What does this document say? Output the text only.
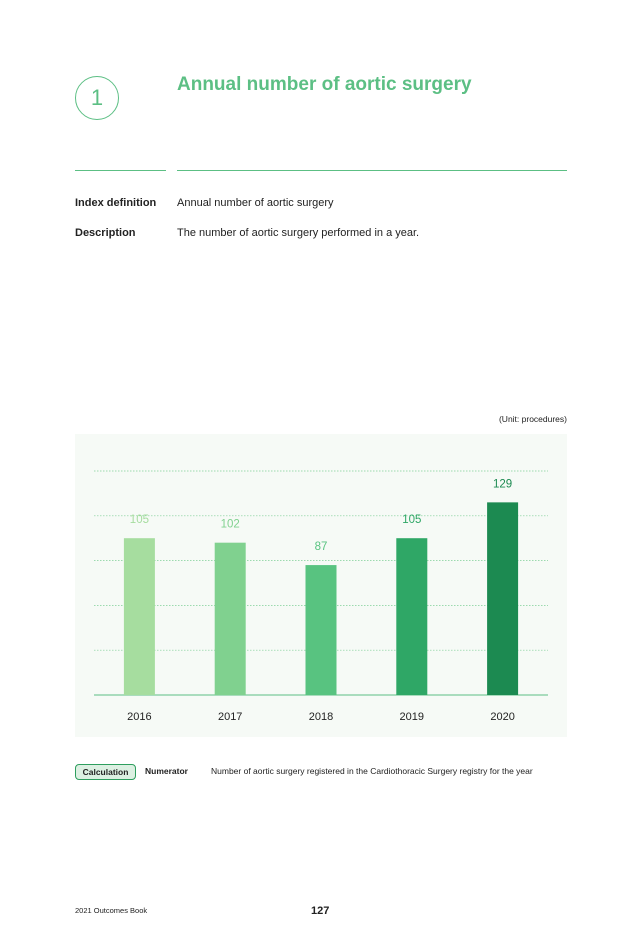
1
Annual number of aortic surgery
Index definition Annual number of aortic surgery
Description	The number of aortic surgery performed in a year.
(Unit: procedures)
105
2016
102
2017
87
2018
105
2019
129
2020
Calculation	Numerator	Number of aortic surgery registered in the Cardiothoracic Surgery registry for the year
2021 Outcomes Book	127
